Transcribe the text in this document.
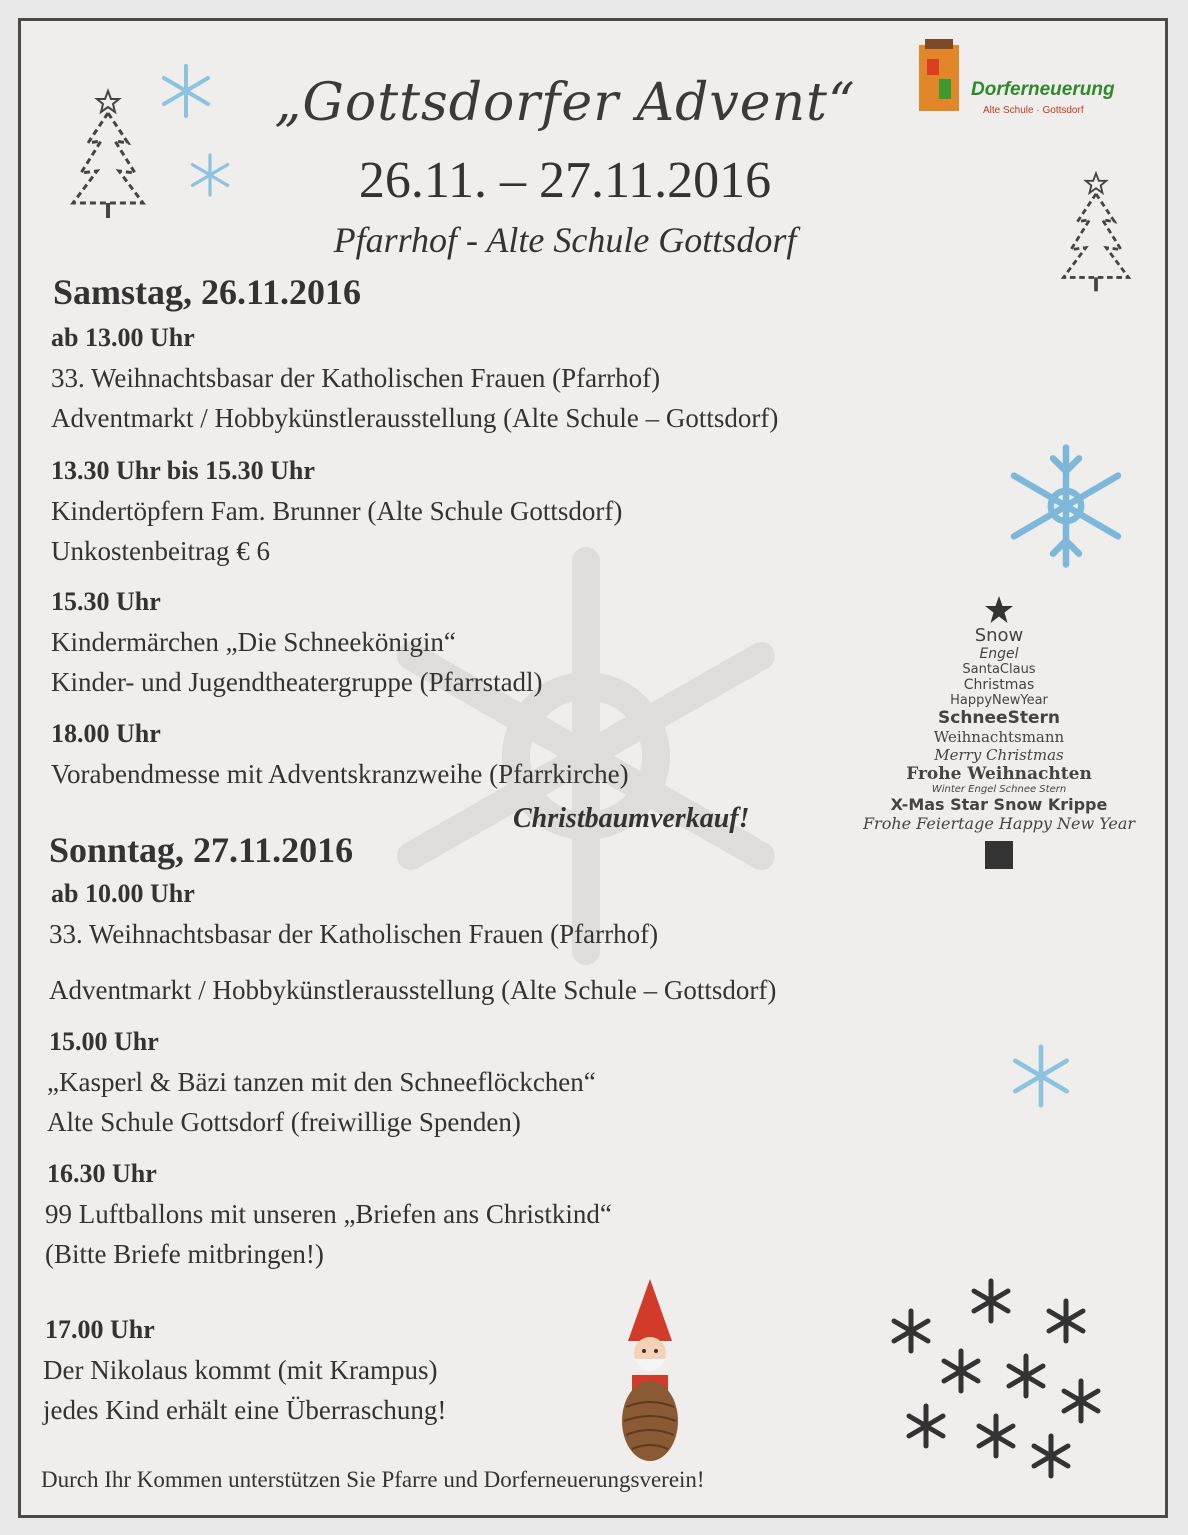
Dorferneuerung
Alte Schule · Gottsdorf
„Gottsdorfer Advent“
26.11. – 27.11.2016
Pfarrhof - Alte Schule Gottsdorf
Samstag, 26.11.2016
ab 13.00 Uhr
33. Weihnachtsbasar der Katholischen Frauen (Pfarrhof)
Adventmarkt / Hobbykünstlerausstellung (Alte Schule – Gottsdorf)
13.30 Uhr bis 15.30 Uhr
Kindertöpfern Fam. Brunner (Alte Schule Gottsdorf)
Unkostenbeitrag € 6
15.30 Uhr
Kindermärchen „Die Schneekönigin“
Kinder- und Jugendtheatergruppe (Pfarrstadl)
18.00 Uhr
Vorabendmesse mit Adventskranzweihe (Pfarrkirche)
Christbaumverkauf!
Sonntag, 27.11.2016
ab 10.00 Uhr
33. Weihnachtsbasar der Katholischen Frauen (Pfarrhof)
Adventmarkt / Hobbykünstlerausstellung (Alte Schule – Gottsdorf)
15.00 Uhr
„Kasperl & Bäzi tanzen mit den Schneeflöckchen“
Alte Schule Gottsdorf (freiwillige Spenden)
16.30 Uhr
99 Luftballons mit unseren „Briefen ans Christkind“
(Bitte Briefe mitbringen!)
17.00 Uhr
Der Nikolaus kommt (mit Krampus)
jedes Kind erhält eine Überraschung!
Snow
Engel
SantaClaus
Christmas
HappyNewYear
SchneeStern
Weihnachtsmann
Merry Christmas
Frohe Weihnachten
Winter Engel Schnee Stern
X-Mas Star Snow Krippe
Frohe Feiertage Happy New Year
Durch Ihr Kommen unterstützen Sie Pfarre und Dorferneuerungsverein!
